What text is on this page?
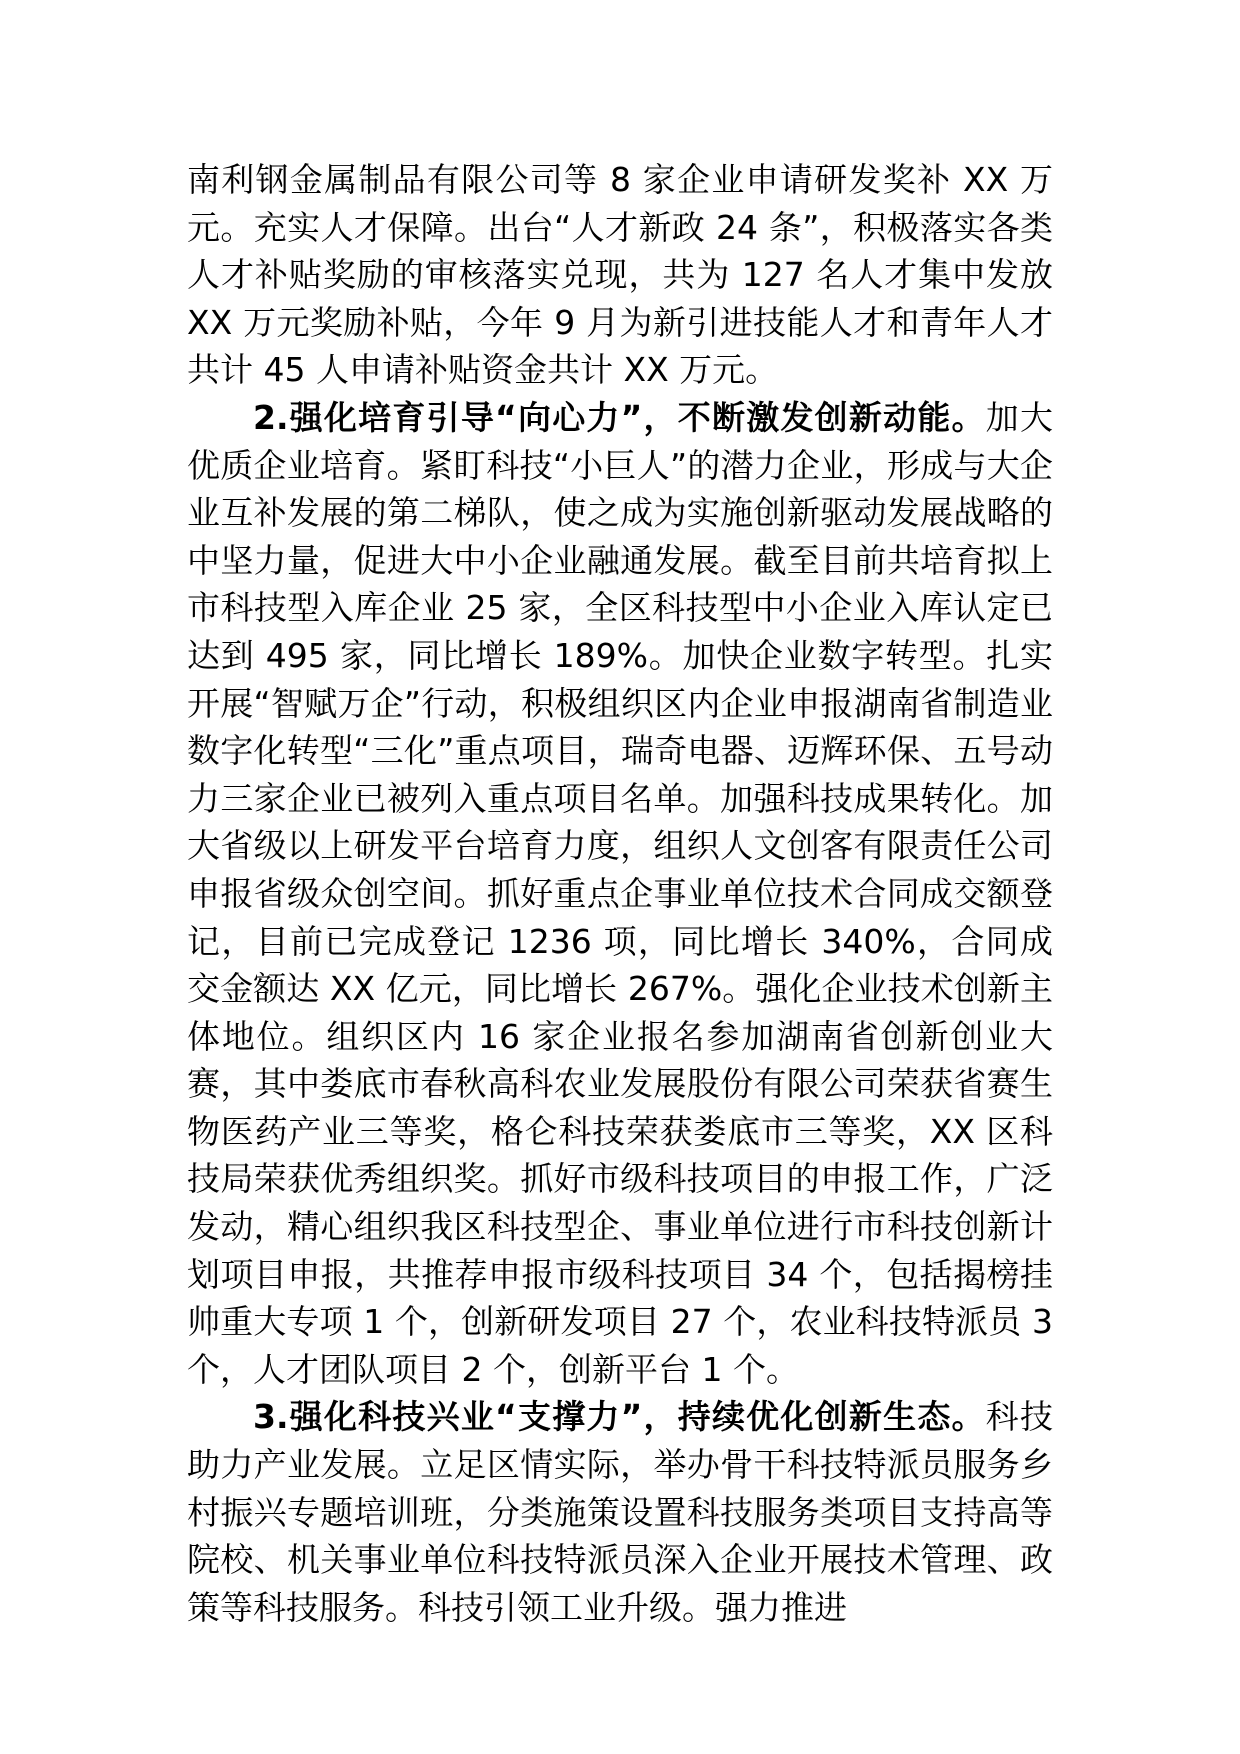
南利钢金属制品有限公司等 8 家企业申请研发奖补 XX 万元。充实人才保障。出台“人才新政 24 条”，积极落实各类人才补贴奖励的审核落实兑现，共为 127 名人才集中发放 XX 万元奖励补贴，今年 9 月为新引进技能人才和青年人才共计 45 人申请补贴资金共计 XX 万元。

2.强化培育引导“向心力”，不断激发创新动能。加大优质企业培育。紧盯科技“小巨人”的潜力企业，形成与大企业互补发展的第二梯队，使之成为实施创新驱动发展战略的中坚力量，促进大中小企业融通发展。截至目前共培育拟上市科技型入库企业 25 家，全区科技型中小企业入库认定已达到 495 家，同比增长 189%。加快企业数字转型。扎实开展“智赋万企”行动，积极组织区内企业申报湖南省制造业数字化转型“三化”重点项目，瑞奇电器、迈辉环保、五号动力三家企业已被列入重点项目名单。加强科技成果转化。加大省级以上研发平台培育力度，组织人文创客有限责任公司申报省级众创空间。抓好重点企事业单位技术合同成交额登记，目前已完成登记 1236 项，同比增长 340%，合同成交金额达 XX 亿元，同比增长 267%。强化企业技术创新主体地位。组织区内 16 家企业报名参加湖南省创新创业大赛，其中娄底市春秋高科农业发展股份有限公司荣获省赛生物医药产业三等奖，格仑科技荣获娄底市三等奖，XX 区科技局荣获优秀组织奖。抓好市级科技项目的申报工作，广泛发动，精心组织我区科技型企、事业单位进行市科技创新计划项目申报，共推荐申报市级科技项目 34 个，包括揭榜挂帅重大专项 1 个，创新研发项目 27 个，农业科技特派员 3 个，人才团队项目 2 个，创新平台 1 个。

3.强化科技兴业“支撑力”，持续优化创新生态。科技助力产业发展。立足区情实际，举办骨干科技特派员服务乡村振兴专题培训班，分类施策设置科技服务类项目支持高等院校、机关事业单位科技特派员深入企业开展技术管理、政策等科技服务。科技引领工业升级。强力推进
